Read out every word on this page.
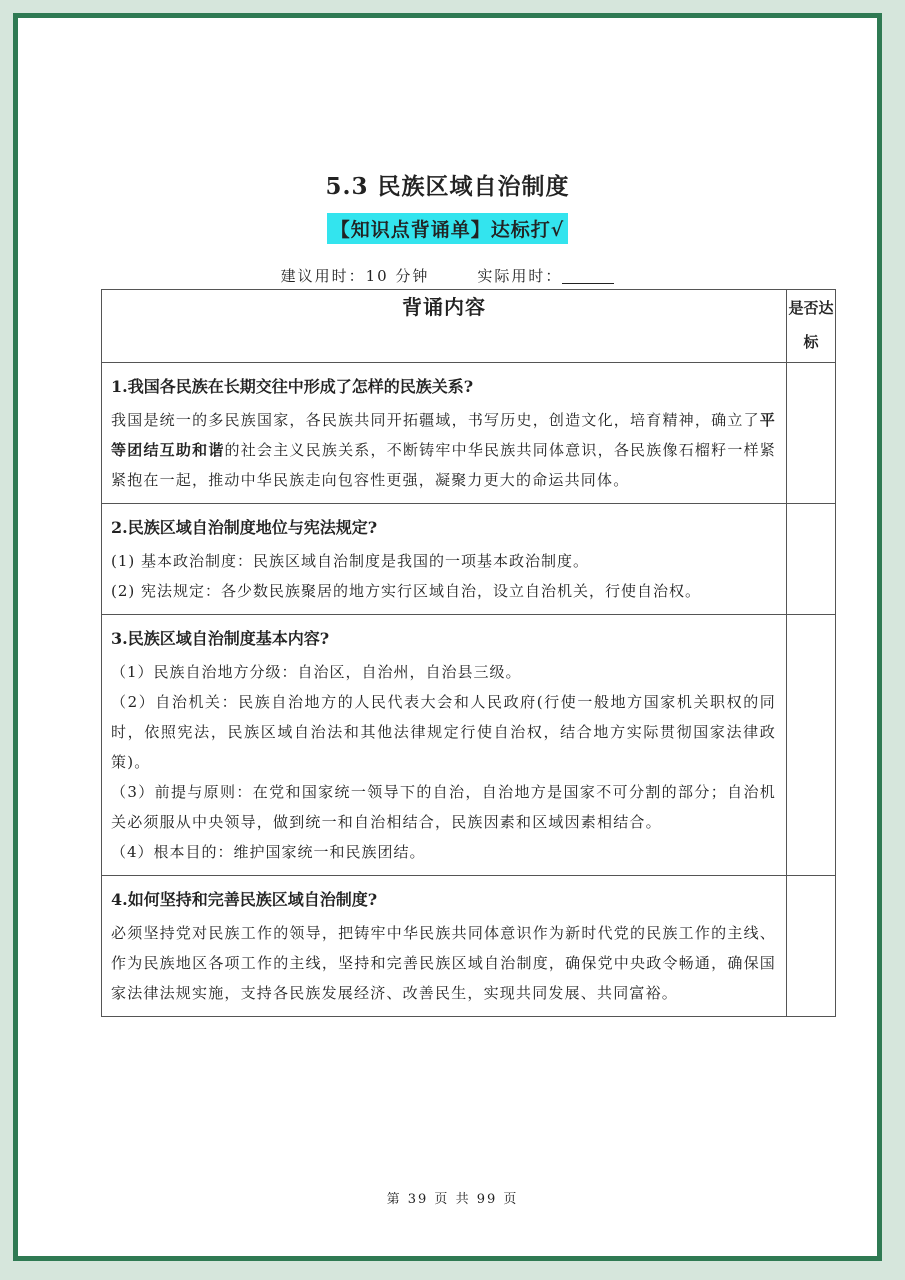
5.3 民族区域自治制度
【知识点背诵单】达标打√
建议用时：10 分钟	实际用时：
背诵内容	是否达标

1.我国各民族在长期交往中形成了怎样的民族关系?
我国是统一的多民族国家，各民族共同开拓疆域，书写历史，创造文化，培育精神，确立了平等团结互助和谐的社会主义民族关系，不断铸牢中华民族共同体意识，各民族像石榴籽一样紧紧抱在一起，推动中华民族走向包容性更强，凝聚力更大的命运共同体。	

2.民族区域自治制度地位与宪法规定?
(1) 基本政治制度：民族区域自治制度是我国的一项基本政治制度。
(2) 宪法规定：各少数民族聚居的地方实行区域自治，设立自治机关，行使自治权。	

3.民族区域自治制度基本内容?
（1）民族自治地方分级：自治区，自治州，自治县三级。
（2）自治机关：民族自治地方的人民代表大会和人民政府(行使一般地方国家机关职权的同时，依照宪法，民族区域自治法和其他法律规定行使自治权，结合地方实际贯彻国家法律政策)。
（3）前提与原则：在党和国家统一领导下的自治，自治地方是国家不可分割的部分；自治机关必须服从中央领导，做到统一和自治相结合，民族因素和区域因素相结合。
（4）根本目的：维护国家统一和民族团结。	

4.如何坚持和完善民族区域自治制度?
必须坚持党对民族工作的领导，把铸牢中华民族共同体意识作为新时代党的民族工作的主线、作为民族地区各项工作的主线，坚持和完善民族区域自治制度，确保党中央政令畅通，确保国家法律法规实施，支持各民族发展经济、改善民生，实现共同发展、共同富裕。	

第 39 页 共 99 页
